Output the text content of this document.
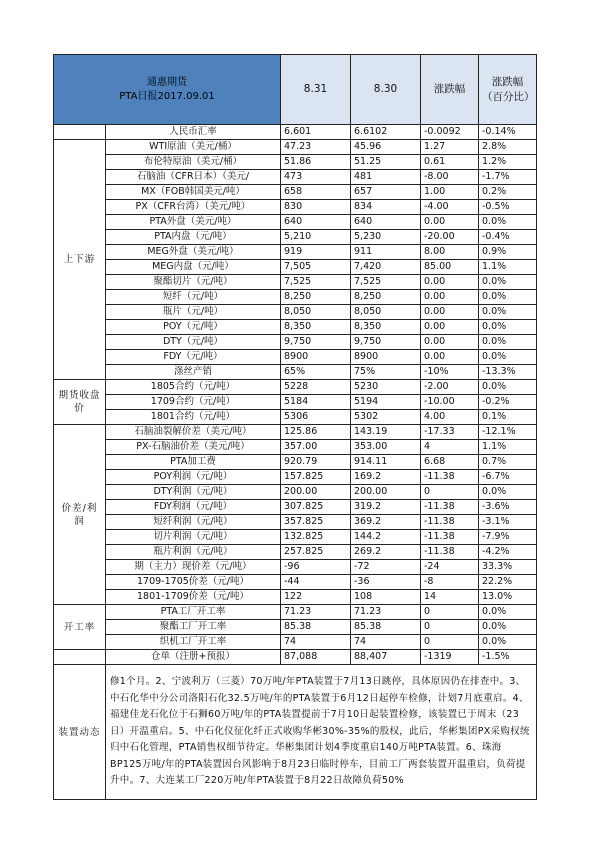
通惠期货
PTA日报2017.09.01		8.31	8.30	涨跌幅	涨跌幅（百分比）
	人民币汇率	6.601	6.6102	-0.0092	-0.14%
上下游	WTI原油（美元/桶）	47.23	45.96	1.27	2.8%
	布伦特原油（美元/桶）	51.86	51.25	0.61	1.2%
	石脑油（CFR日本）（美元/	473	481	-8.00	-1.7%
	MX（FOB韩国美元/吨）	658	657	1.00	0.2%
	PX（CFR台湾）（美元/吨）	830	834	-4.00	-0.5%
	PTA外盘（美元/吨）	640	640	0.00	0.0%
	PTA内盘（元/吨）	5,210	5,230	-20.00	-0.4%
	MEG外盘（美元/吨）	919	911	8.00	0.9%
	MEG内盘（元/吨）	7,505	7,420	85.00	1.1%
	聚酯切片（元/吨）	7,525	7,525	0.00	0.0%
	短纤（元/吨）	8,250	8,250	0.00	0.0%
	瓶片（元/吨）	8,050	8,050	0.00	0.0%
	POY（元/吨）	8,350	8,350	0.00	0.0%
	DTY（元/吨）	9,750	9,750	0.00	0.0%
	FDY（元/吨）	8900	8900	0.00	0.0%
	涤丝产销	65%	75%	-10%	-13.3%
期货收盘价	1805合约（元/吨）	5228	5230	-2.00	0.0%
	1709合约（元/吨）	5184	5194	-10.00	-0.2%
	1801合约（元/吨）	5306	5302	4.00	0.1%
价差/利润	石脑油裂解价差（美元/吨）	125.86	143.19	-17.33	-12.1%
	PX-石脑油价差（美元/吨）	357.00	353.00	4	1.1%
	PTA加工费	920.79	914.11	6.68	0.7%
	POY利润（元/吨）	157.825	169.2	-11.38	-6.7%
	DTY利润（元/吨）	200.00	200.00	0	0.0%
	FDY利润（元/吨）	307.825	319.2	-11.38	-3.6%
	短纤利润（元/吨）	357.825	369.2	-11.38	-3.1%
	切片利润（元/吨）	132.825	144.2	-11.38	-7.9%
	瓶片利润（元/吨）	257.825	269.2	-11.38	-4.2%
	期（主力）现价差（元/吨）	-96	-72	-24	33.3%
	1709-1705价差（元/吨）	-44	-36	-8	22.2%
	1801-1709价差（元/吨）	122	108	14	13.0%
开工率	PTA工厂开工率	71.23	71.23	0	0.0%
	聚酯工厂开工率	85.38	85.38	0	0.0%
	织机工厂开工率	74	74	0	0.0%
	仓单（注册+预报）	87,088	88,407	-1319	-1.5%
装置动态	修1个月。2、宁波利万（三菱）70万吨/年PTA装置于7月13日跳停，具体原因仍在排查中。3、中石化华中分公司洛阳石化32.5万吨/年的PTA装置于6月12日起停车检修，计划7月底重启。4、福建佳龙石化位于石狮60万吨/年的PTA装置提前于7月10日起装置检修，该装置已于周末（23日）开温重启。5、中石化仪征化纤正式收购华彬30%-35%的股权，此后，华彬集团PX采购权统归中石化管理，PTA销售权细节待定。华彬集团计划4季度重启140万吨PTA装置。6、珠海BP125万吨/年的PTA装置因台风影响于8月23日临时停车，目前工厂两套装置开温重启，负荷提升中。7、大连某工厂220万吨/年PTA装置于8月22日故障负荷50%				
